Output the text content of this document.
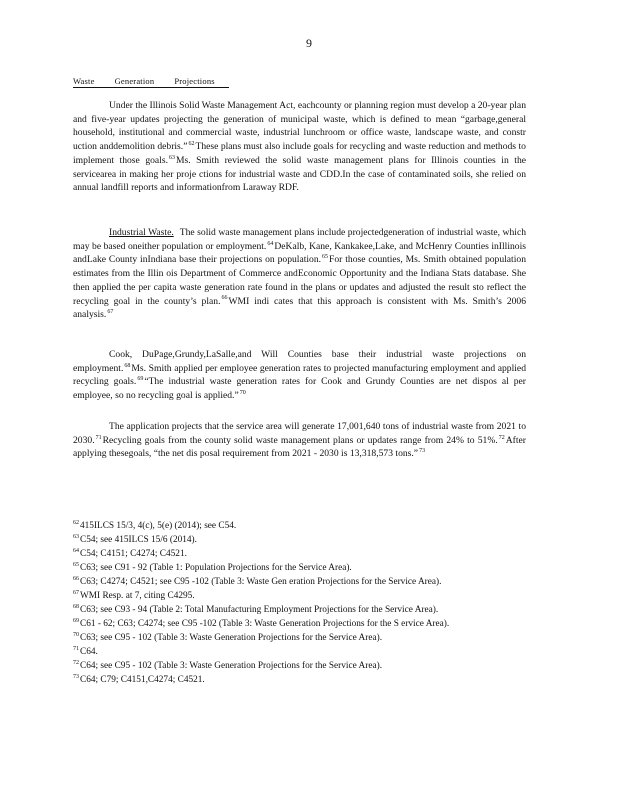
9
Waste Generation Projections

Under the Illinois Solid Waste Management Act, eachcounty or planning region must develop a 20-year plan and five-year updates projecting the generation of municipal waste, which is defined to mean “garbage,general household, institutional and commercial waste, industrial lunchroom or office waste, landscape waste, and constr uction anddemolition debris.”$^{62}$These plans must also include goals for recycling and waste reduction and methods to implement those goals.$^{63}$Ms. Smith reviewed the solid waste management plans for Illinois counties in the servicearea in making her proje ctions for industrial waste and CDD.In the case of contaminated soils, she relied on annual landfill reports and informationfrom Laraway RDF.

Industrial Waste. The solid waste management plans include projectedgeneration of industrial waste, which may be based oneither population or employment.$^{64}$DeKalb, Kane, Kankakee,Lake, and McHenry Counties inIllinois andLake County inIndiana base their projections on population.$^{65}$For those counties, Ms. Smith obtained population estimates from the Illin ois Department of Commerce andEconomic Opportunity and the Indiana Stats database. She then applied the per capita waste generation rate found in the plans or updates and adjusted the result sto reflect the recycling goal in the county’s plan.$^{66}$WMI indi cates that this approach is consistent with Ms. Smith’s 2006 analysis.$^{67}$

Cook, DuPage,Grundy,LaSalle,and Will Counties base their industrial waste projections on employment.$^{68}$Ms. Smith applied per employee generation rates to projected manufacturing employment and applied recycling goals.$^{69}$“The industrial waste generation rates for Cook and Grundy Counties are net dispos al per employee, so no recycling goal is applied.”$^{70}$

The application projects that the service area will generate 17,001,640 tons of industrial waste from 2021 to 2030.71Recycling goals from the county solid waste management plans or updates range from 24% to 51%.$^{72}$After applying thesegoals, “the net dis posal requirement from 2021 - 2030 is 13,318,573 tons.”$^{73}$

$^{62}$415ILCS 15/3, 4(c), 5(e) (2014); see C54.
$^{63}$C54; see 415ILCS 15/6 (2014).
$^{64}$C54; C4151; C4274; C4521.
$^{65}$C63; see C91 - 92 (Table 1: Population Projections for the Service Area).
$^{66}$C63; C4274; C4521; see C95 -102 (Table 3: Waste Gen eration Projections for the Service Area).
$^{67}$WMI Resp. at 7, citing C4295.
$^{68}$C63; see C93 - 94 (Table 2: Total Manufacturing Employment Projections for the Service Area).
$^{69}$C61 - 62; C63; C4274; see C95 -102 (Table 3: Waste Generation Projections for the S ervice Area).
$^{70}$C63; see C95 - 102 (Table 3: Waste Generation Projections for the Service Area).
$^{71}$C64.
$^{72}$C64; see C95 - 102 (Table 3: Waste Generation Projections for the Service Area).
$^{73}$C64; C79; C4151,C4274; C4521.
